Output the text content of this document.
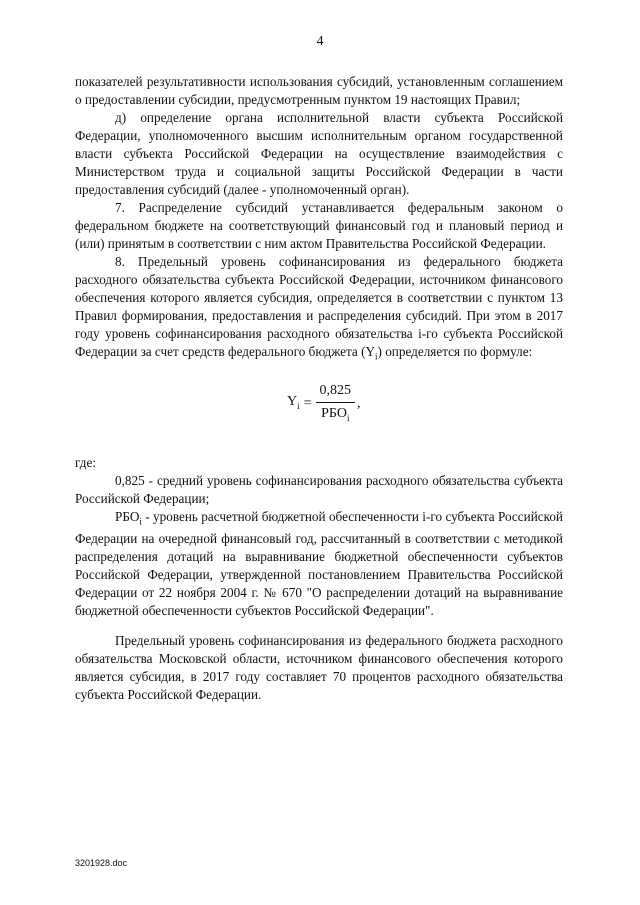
4

показателей результативности использования субсидий, установленным соглашением о предоставлении субсидии, предусмотренным пунктом 19 настоящих Правил;

д) определение органа исполнительной власти субъекта Российской Федерации, уполномоченного высшим исполнительным органом государственной власти субъекта Российской Федерации на осуществление взаимодействия с Министерством труда и социальной защиты Российской Федерации в части предоставления субсидий (далее - уполномоченный орган).

7. Распределение субсидий устанавливается федеральным законом о федеральном бюджете на соответствующий финансовый год и плановый период и (или) принятым в соответствии с ним актом Правительства Российской Федерации.

8. Предельный уровень софинансирования из федерального бюджета расходного обязательства субъекта Российской Федерации, источником финансового обеспечения которого является субсидия, определяется в соответствии с пунктом 13 Правил формирования, предоставления и распределения субсидий. При этом в 2017 году уровень софинансирования расходного обязательства i-го субъекта Российской Федерации за счет средств федерального бюджета $(Y_i)$ определяется по формуле:

$Y_i = \frac{0,825}{РБО_i}$ ,

где:

0,825 - средний уровень софинансирования расходного обязательства субъекта Российской Федерации;

$РБО_i$ - уровень расчетной бюджетной обеспеченности i-го субъекта Российской Федерации на очередной финансовый год, рассчитанный в соответствии с методикой распределения дотаций на выравнивание бюджетной обеспеченности субъектов Российской Федерации, утвержденной постановлением Правительства Российской Федерации от 22 ноября 2004 г. № 670 "О распределении дотаций на выравнивание бюджетной обеспеченности субъектов Российской Федерации".

Предельный уровень софинансирования из федерального бюджета расходного обязательства Московской области, источником финансового обеспечения которого является субсидия, в 2017 году составляет 70 процентов расходного обязательства субъекта Российской Федерации.

3201928.doc
